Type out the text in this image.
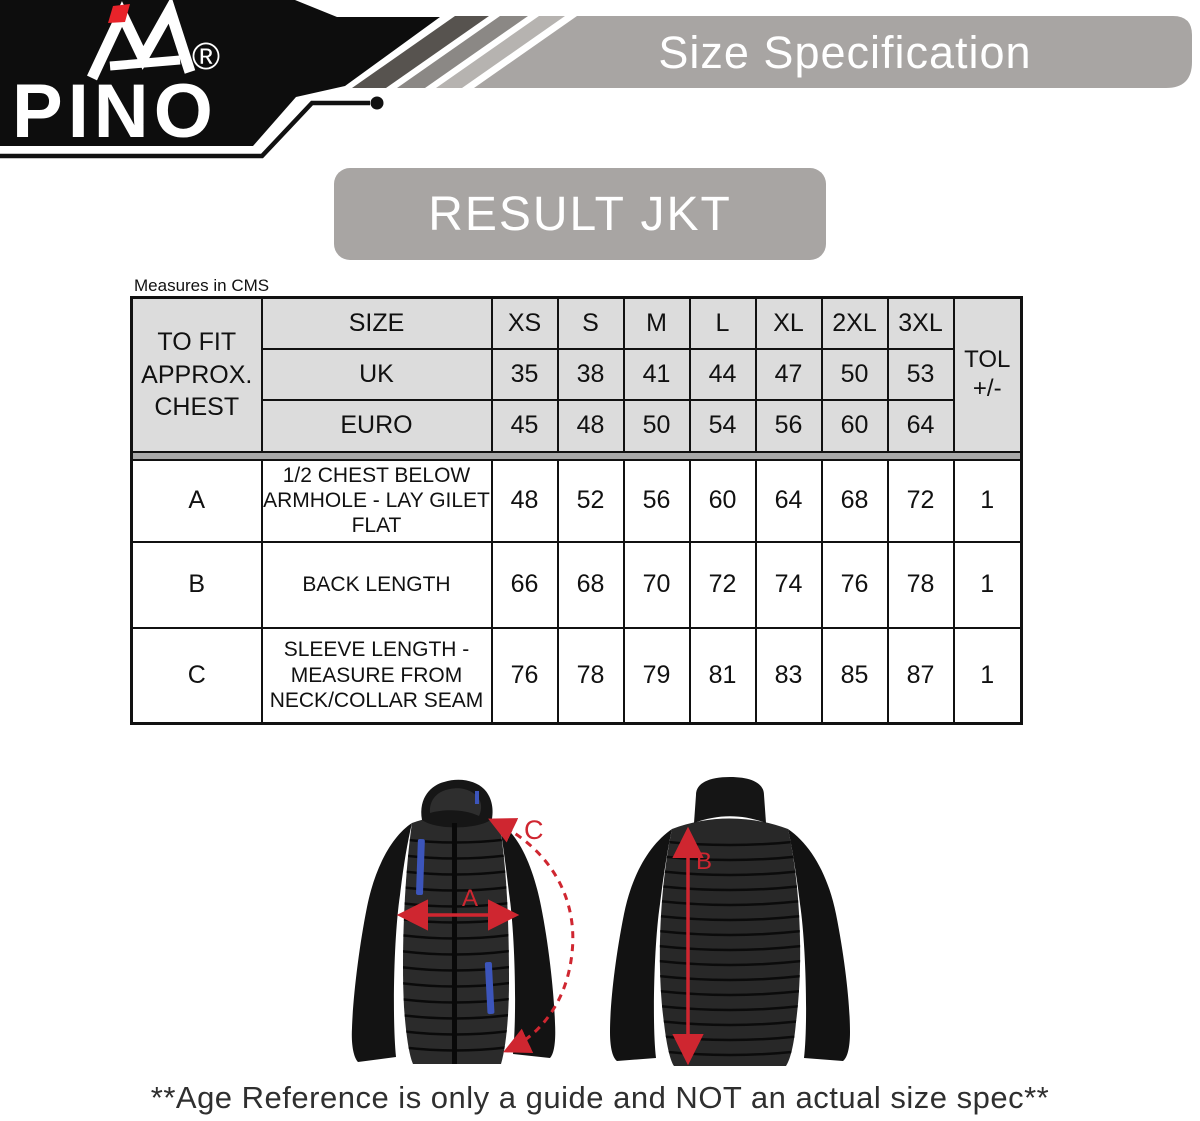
Size Specification
®
PINO
RESULT JKT
Measures in CMS
TO FIT APPROX. CHEST	SIZE	XS	S	M	L	XL	2XL	3XL	TOL
+/-

	UK	35	38	41	44	47	50	53	
	EURO	45	48	50	54	56	60	64	

A	1/2 CHEST BELOW ARMHOLE - LAY GILET FLAT	48	52	56	60	64	68	72	1
B	BACK LENGTH	66	68	70	72	74	76	78	1
C	SLEEVE LENGTH - MEASURE FROM NECK/COLLAR SEAM	76	78	79	81	83	85	87	1
A
C
B
**Age Reference is only a guide and NOT an actual size spec**
